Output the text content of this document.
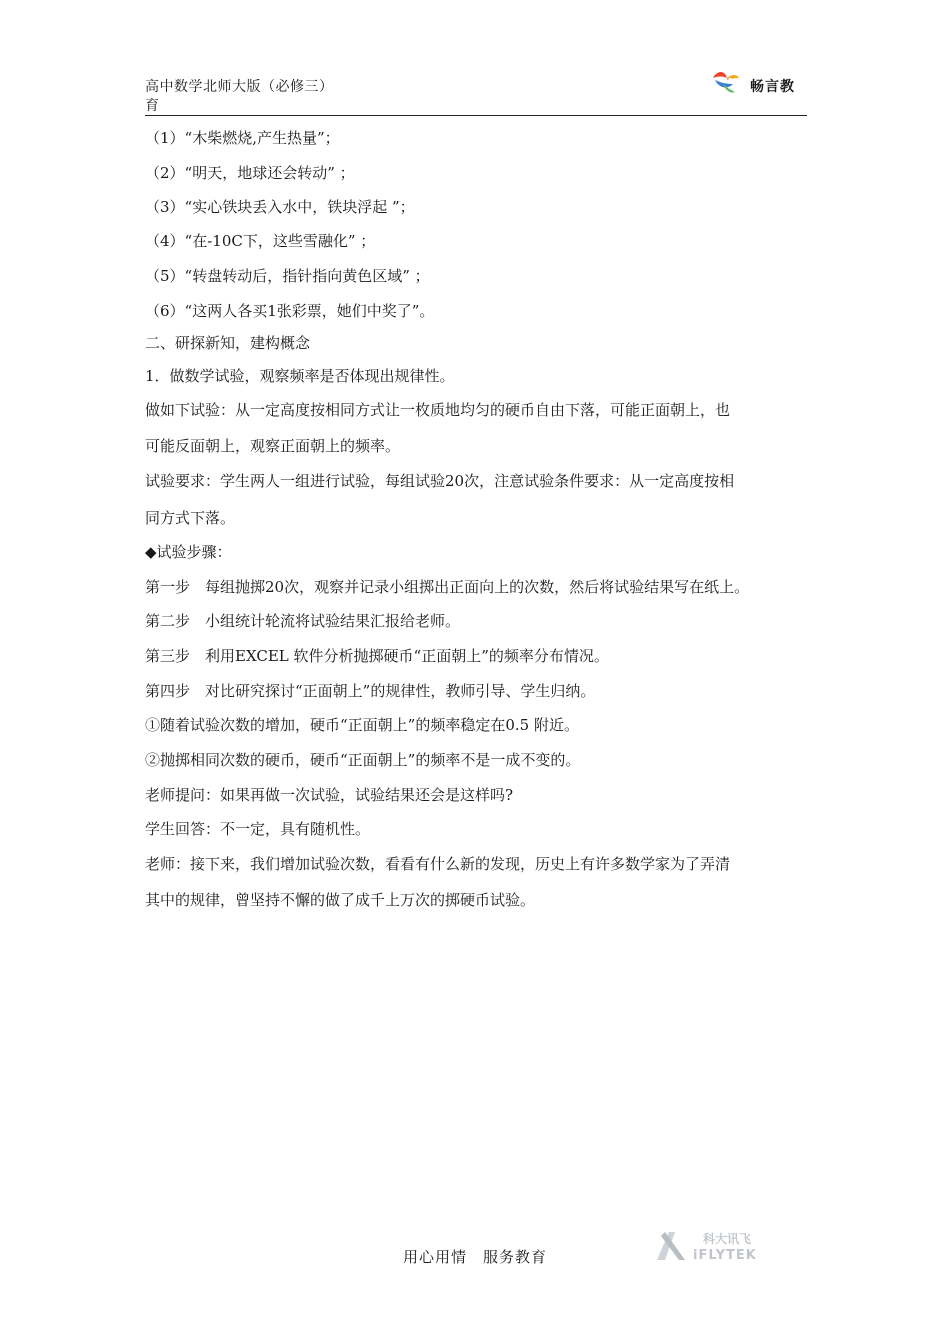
高中数学北师大版（必修三）
育
畅言教
（1）“木柴燃烧,产生热量”；
（2）“明天，地球还会转动” ；
（3）“实心铁块丢入水中，铁块浮起 ”；
（4）“在-10C下，这些雪融化” ；
（5）“转盘转动后，指针指向黄色区域” ；
（6）“这两人各买1张彩票，她们中奖了”。
二、研探新知，建构概念
1．做数学试验，观察频率是否体现出规律性。
做如下试验：从一定高度按相同方式让一枚质地均匀的硬币自由下落，可能正面朝上，也
可能反面朝上，观察正面朝上的频率。
试验要求：学生两人一组进行试验，每组试验20次，注意试验条件要求：从一定高度按相
同方式下落。
◆试验步骤：
第一步　每组抛掷20次，观察并记录小组掷出正面向上的次数，然后将试验结果写在纸上。
第二步　小组统计轮流将试验结果汇报给老师。
第三步　利用EXCEL 软件分析抛掷硬币“正面朝上”的频率分布情况。
第四步　对比研究探讨“正面朝上”的规律性，教师引导、学生归纳。
①随着试验次数的增加，硬币“正面朝上”的频率稳定在0.5 附近。
②抛掷相同次数的硬币，硬币“正面朝上”的频率不是一成不变的。
老师提问：如果再做一次试验，试验结果还会是这样吗?
学生回答：不一定，具有随机性。
老师：接下来，我们增加试验次数，看看有什么新的发现，历史上有许多数学家为了弄清
其中的规律，曾坚持不懈的做了成千上万次的掷硬币试验。
用心用情　服务教育
科大讯飞
iFLYTEK
